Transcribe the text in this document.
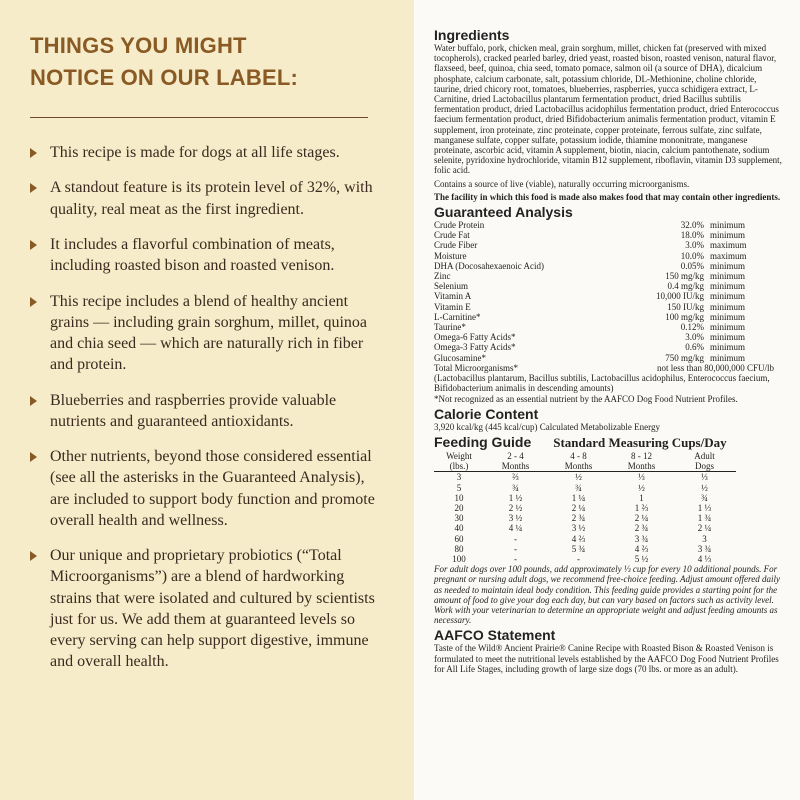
THINGS YOU MIGHT
NOTICE ON OUR LABEL:
This recipe is made for dogs at all life stages.
A standout feature is its protein level of 32%, with quality, real meat as the first ingredient.
It includes a flavorful combination of meats, including roasted bison and roasted venison.
This recipe includes a blend of healthy ancient grains — including grain sorghum, millet, quinoa and chia seed — which are naturally rich in fiber and protein.
Blueberries and raspberries provide valuable nutrients and guaranteed antioxidants.
Other nutrients, beyond those considered essential (see all the asterisks in the Guaranteed Analysis), are included to support body function and promote overall health and wellness.
Our unique and proprietary probiotics (“Total Microorganisms”) are a blend of hardworking strains that were isolated and cultured by scientists just for us. We add them at guaranteed levels so every serving can help support digestive, immune and overall health.
Ingredients

Water buffalo, pork, chicken meal, grain sorghum, millet, chicken fat (preserved with mixed tocopherols), cracked pearled barley, dried yeast, roasted bison, roasted venison, natural flavor, flaxseed, beef, quinoa, chia seed, tomato pomace, salmon oil (a source of DHA), dicalcium phosphate, calcium carbonate, salt, potassium chloride, DL-Methionine, choline chloride, taurine, dried chicory root, tomatoes, blueberries, raspberries, yucca schidigera extract, L-Carnitine, dried Lactobacillus plantarum fermentation product, dried Bacillus subtilis fermentation product, dried Lactobacillus acidophilus fermentation product, dried Enterococcus faecium fermentation product, dried Bifidobacterium animalis fermentation product, vitamin E supplement, iron proteinate, zinc proteinate, copper proteinate, ferrous sulfate, zinc sulfate, manganese sulfate, copper sulfate, potassium iodide, thiamine mononitrate, manganese proteinate, ascorbic acid, vitamin A supplement, biotin, niacin, calcium pantothenate, sodium selenite, pyridoxine hydrochloride, vitamin B12 supplement, riboflavin, vitamin D3 supplement, folic acid.

Contains a source of live (viable), naturally occurring microorganisms.

The facility in which this food is made also makes food that may contain other ingredients.

Guaranteed Analysis
Crude Protein	32.0%	minimum
Crude Fat	18.0%	minimum
Crude Fiber	3.0%	maximum
Moisture	10.0%	maximum
DHA (Docosahexaenoic Acid)	0.05%	minimum
Zinc	150 mg/kg	minimum
Selenium	0.4 mg/kg	minimum
Vitamin A	10,000 IU/kg	minimum
Vitamin E	150 IU/kg	minimum
L-Carnitine*	100 mg/kg	minimum
Taurine*	0.12%	minimum
Omega-6 Fatty Acids*	3.0%	minimum
Omega-3 Fatty Acids*	0.6%	minimum
Glucosamine*	750 mg/kg	minimum
Total Microorganisms*	not less than 80,000,000 CFU/lb	

(Lactobacillus plantarum, Bacillus subtilis, Lactobacillus acidophilus, Enterococcus faecium, Bifidobacterium animalis in descending amounts)

*Not recognized as an essential nutrient by the AAFCO Dog Food Nutrient Profiles.

Calorie Content

3,920 kcal/kg (445 kcal/cup) Calculated Metabolizable Energy

Feeding Guide Standard Measuring Cups/Day
Weight	2 - 4	4 - 8	8 - 12	Adult
(lbs.)	Months	Months	Months	Dogs
3	⅔	½	⅓	⅓
5	¾	¾	½	½
10	1 ½	1 ¼	1	¾
20	2 ½	2 ¼	1 ⅔	1 ⅓
30	3 ½	2 ¾	2 ¼	1 ¾
40	4 ¼	3 ½	2 ¾	2 ¼
60	-	4 ⅔	3 ¾	3
80	-	5 ¾	4 ⅔	3 ¾
100	-	-	5 ½	4 ⅓

For adult dogs over 100 pounds, add approximately ⅓ cup for every 10 additional pounds. For pregnant or nursing adult dogs, we recommend free-choice feeding. Adjust amount offered daily as needed to maintain ideal body condition. This feeding guide provides a starting point for the amount of food to give your dog each day, but can vary based on factors such as activity level. Work with your veterinarian to determine an appropriate weight and adjust feeding amounts as necessary.

AAFCO Statement

Taste of the Wild® Ancient Prairie® Canine Recipe with Roasted Bison & Roasted Venison is formulated to meet the nutritional levels established by the AAFCO Dog Food Nutrient Profiles for All Life Stages, including growth of large size dogs (70 lbs. or more as an adult).
